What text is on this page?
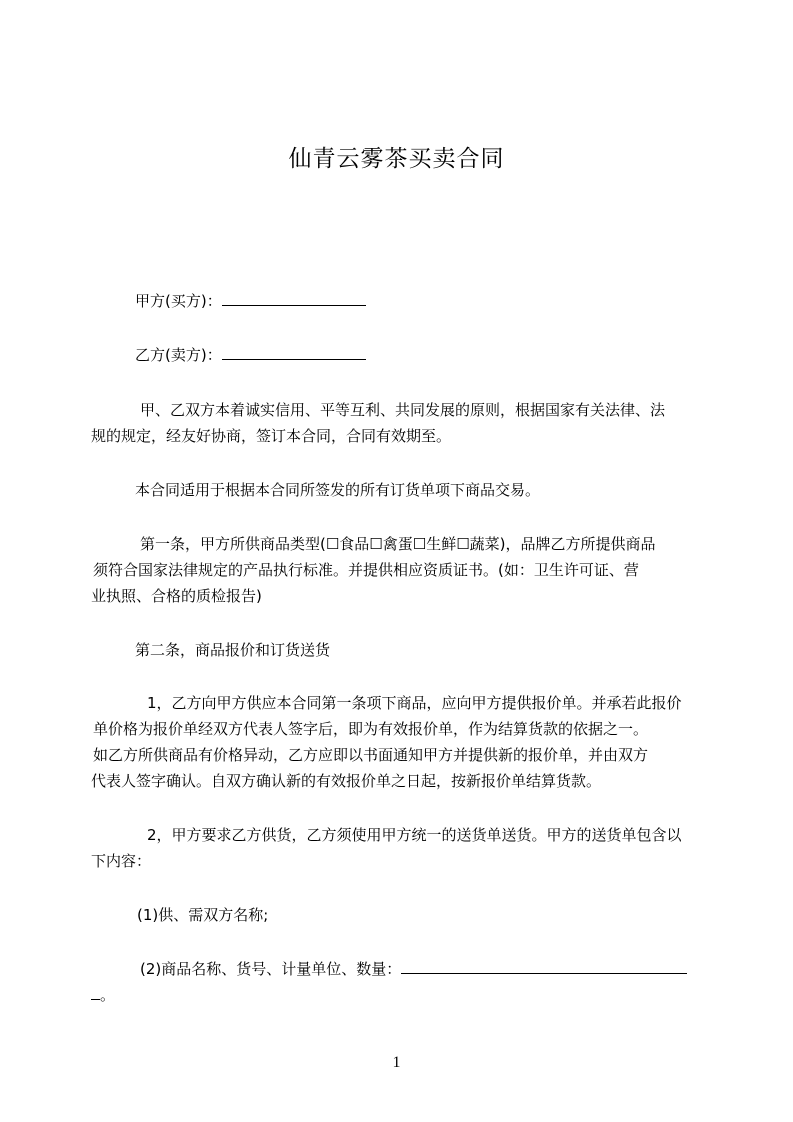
仙青云雾茶买卖合同
甲方(买方)：
乙方(卖方)：
甲、乙双方本着诚实信用、平等互利、共同发展的原则，根据国家有关法律、法
规的规定，经友好协商，签订本合同，合同有效期至。
本合同适用于根据本合同所签发的所有订货单项下商品交易。
第一条，甲方所供商品类型(☐食品☐禽蛋☐生鲜☐蔬菜)，品牌乙方所提供商品
须符合国家法律规定的产品执行标准。并提供相应资质证书。(如：卫生许可证、营
业执照、合格的质检报告)
第二条，商品报价和订货送货
1，乙方向甲方供应本合同第一条项下商品，应向甲方提供报价单。并承若此报价
单价格为报价单经双方代表人签字后，即为有效报价单，作为结算货款的依据之一。
如乙方所供商品有价格异动，乙方应即以书面通知甲方并提供新的报价单，并由双方
代表人签字确认。自双方确认新的有效报价单之日起，按新报价单结算货款。
2，甲方要求乙方供货，乙方须使用甲方统一的送货单送货。甲方的送货单包含以
下内容：
(1)供、需双方名称;
(2)商品名称、货号、计量单位、数量：
。
1
